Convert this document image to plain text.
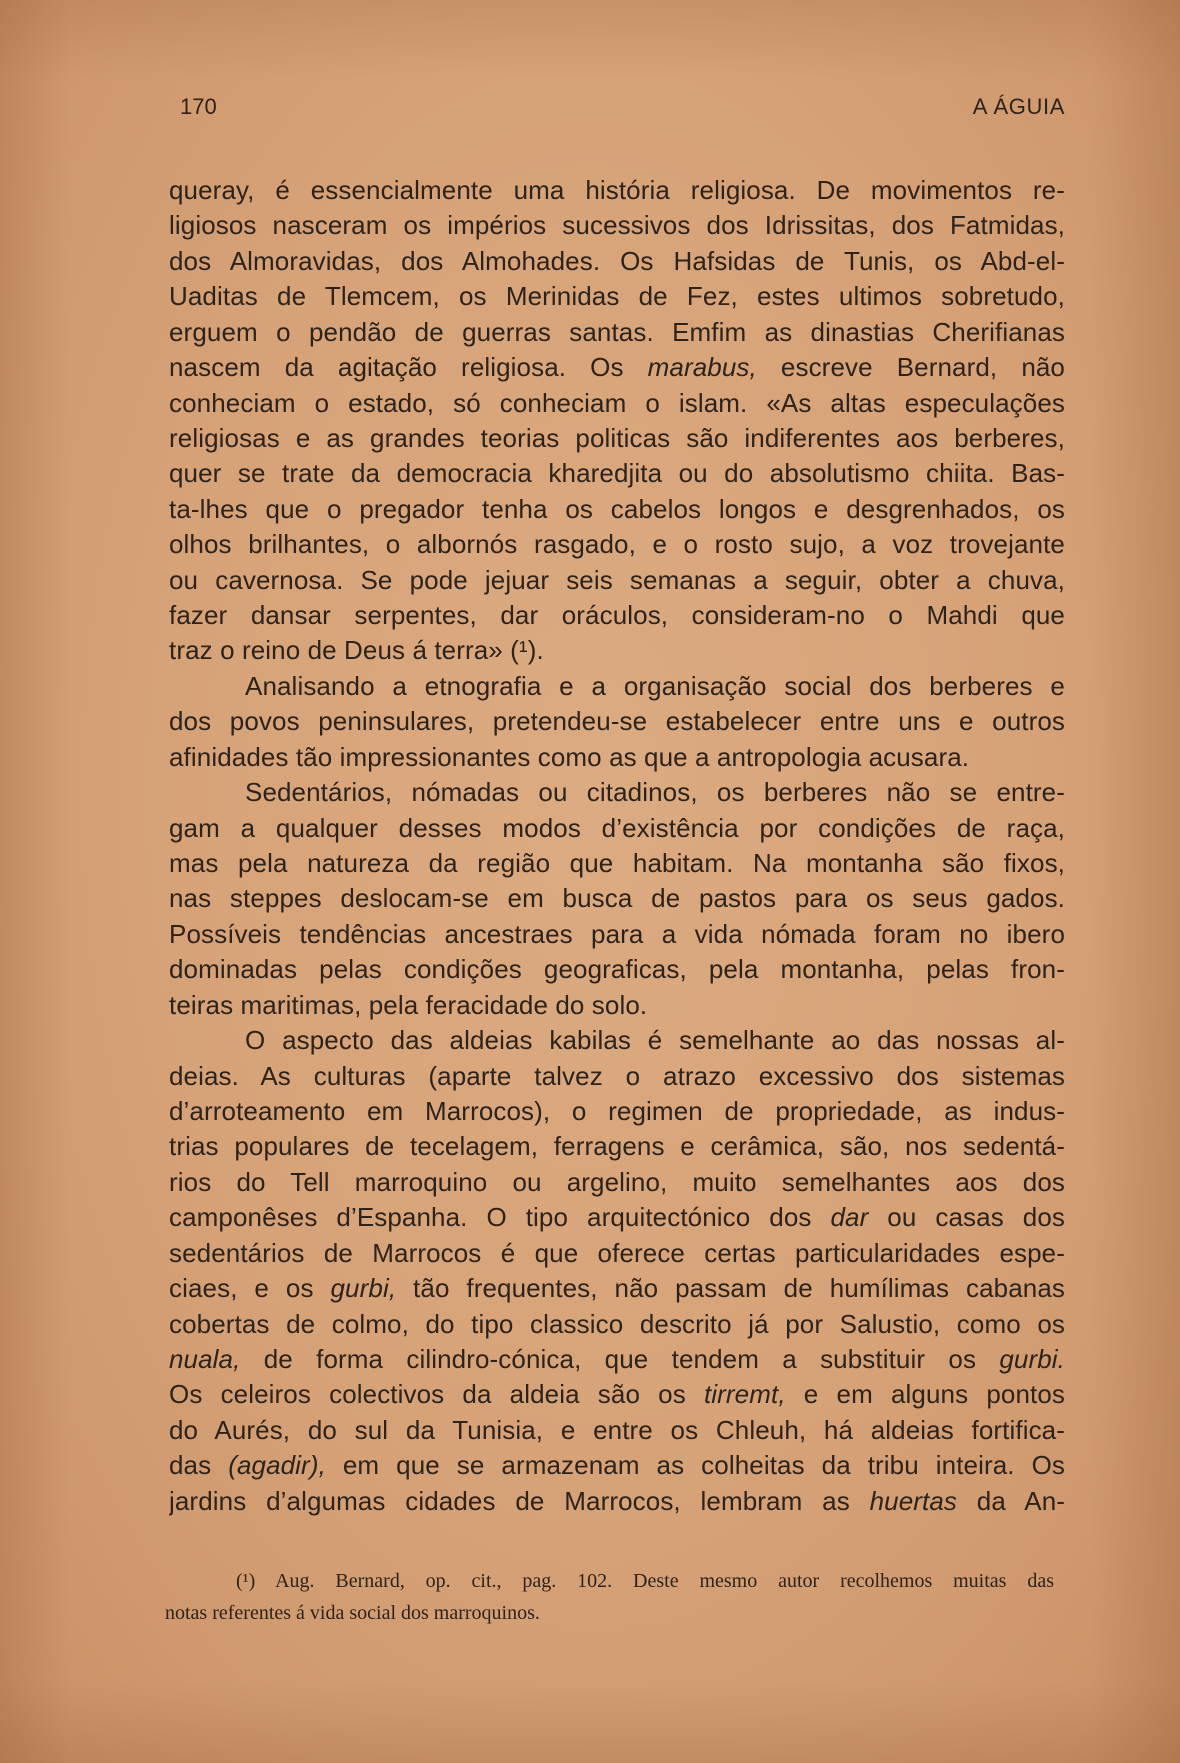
170	A ÁGUIA
queray, é essencialmente uma história religiosa. De movimentos re-
ligiosos nasceram os impérios sucessivos dos Idrissitas, dos Fatmidas,
dos Almoravidas, dos Almohades. Os Hafsidas de Tunis, os Abd-el-
Uaditas de Tlemcem, os Merinidas de Fez, estes ultimos sobretudo,
erguem o pendão de guerras santas. Emfim as dinastias Cherifianas
nascem da agitação religiosa. Os marabus, escreve Bernard, não
conheciam o estado, só conheciam o islam. «As altas especulações
religiosas e as grandes teorias politicas são indiferentes aos berberes,
quer se trate da democracia kharedjita ou do absolutismo chiita. Bas-
ta-lhes que o pregador tenha os cabelos longos e desgrenhados, os
olhos brilhantes, o albornós rasgado, e o rosto sujo, a voz trovejante
ou cavernosa. Se pode jejuar seis semanas a seguir, obter a chuva,
fazer dansar serpentes, dar oráculos, consideram-no o Mahdi que
traz o reino de Deus á terra» (¹).
Analisando a etnografia e a organisação social dos berberes e
dos povos peninsulares, pretendeu-se estabelecer entre uns e outros
afinidades tão impressionantes como as que a antropologia acusara.
Sedentários, nómadas ou citadinos, os berberes não se entre-
gam a qualquer desses modos d’existência por condições de raça,
mas pela natureza da região que habitam. Na montanha são fixos,
nas steppes deslocam-se em busca de pastos para os seus gados.
Possíveis tendências ancestraes para a vida nómada foram no ibero
dominadas pelas condições geograficas, pela montanha, pelas fron-
teiras maritimas, pela feracidade do solo.
O aspecto das aldeias kabilas é semelhante ao das nossas al-
deias. As culturas (aparte talvez o atrazo excessivo dos sistemas
d’arroteamento em Marrocos), o regimen de propriedade, as indus-
trias populares de tecelagem, ferragens e cerâmica, são, nos sedentá-
rios do Tell marroquino ou argelino, muito semelhantes aos dos
camponêses d’Espanha. O tipo arquitectónico dos dar ou casas dos
sedentários de Marrocos é que oferece certas particularidades espe-
ciaes, e os gurbi, tão frequentes, não passam de humílimas cabanas
cobertas de colmo, do tipo classico descrito já por Salustio, como os
nuala, de forma cilindro-cónica, que tendem a substituir os gurbi.
Os celeiros colectivos da aldeia são os tirremt, e em alguns pontos
do Aurés, do sul da Tunisia, e entre os Chleuh, há aldeias fortifica-
das (agadir), em que se armazenam as colheitas da tribu inteira. Os
jardins d’algumas cidades de Marrocos, lembram as huertas da An-
(¹) Aug. Bernard, op. cit., pag. 102. Deste mesmo autor recolhemos muitas das
notas referentes á vida social dos marroquinos.
